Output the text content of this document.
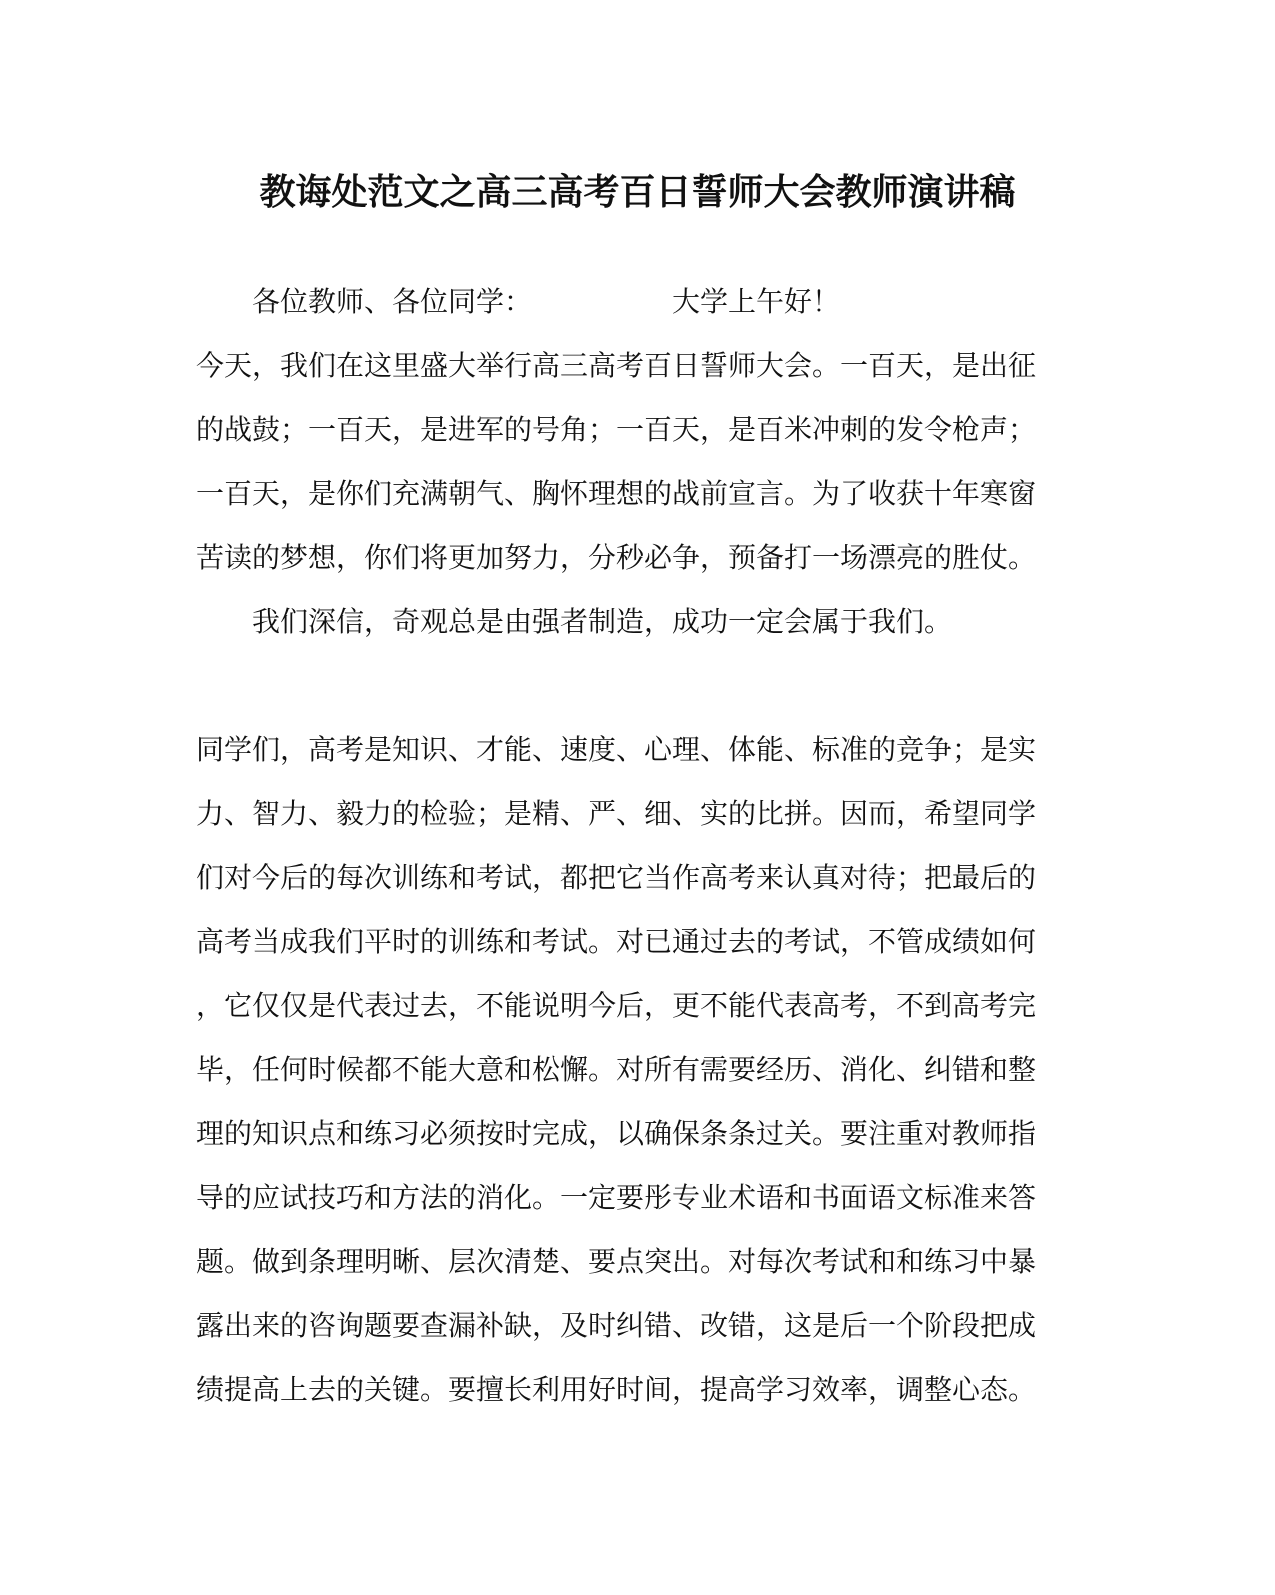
教诲处范文之高三高考百日誓师大会教师演讲稿
各位教师、各位同学：	大学上午好！
今天，我们在这里盛大举行高三高考百日誓师大会。一百天，是出征
的战鼓；一百天，是进军的号角；一百天，是百米冲刺的发令枪声；
一百天，是你们充满朝气、胸怀理想的战前宣言。为了收获十年寒窗
苦读的梦想，你们将更加努力，分秒必争，预备打一场漂亮的胜仗。
我们深信，奇观总是由强者制造，成功一定会属于我们。
同学们，高考是知识、才能、速度、心理、体能、标准的竞争；是实
力、智力、毅力的检验；是精、严、细、实的比拼。因而，希望同学
们对今后的每次训练和考试，都把它当作高考来认真对待；把最后的
高考当成我们平时的训练和考试。对已通过去的考试，不管成绩如何
，它仅仅是代表过去，不能说明今后，更不能代表高考，不到高考完
毕，任何时候都不能大意和松懈。对所有需要经历、消化、纠错和整
理的知识点和练习必须按时完成，以确保条条过关。要注重对教师指
导的应试技巧和方法的消化。一定要彤专业术语和书面语文标准来答
题。做到条理明晰、层次清楚、要点突出。对每次考试和和练习中暴
露出来的咨询题要查漏补缺，及时纠错、改错，这是后一个阶段把成
绩提高上去的关键。要擅长利用好时间，提高学习效率，调整心态。
